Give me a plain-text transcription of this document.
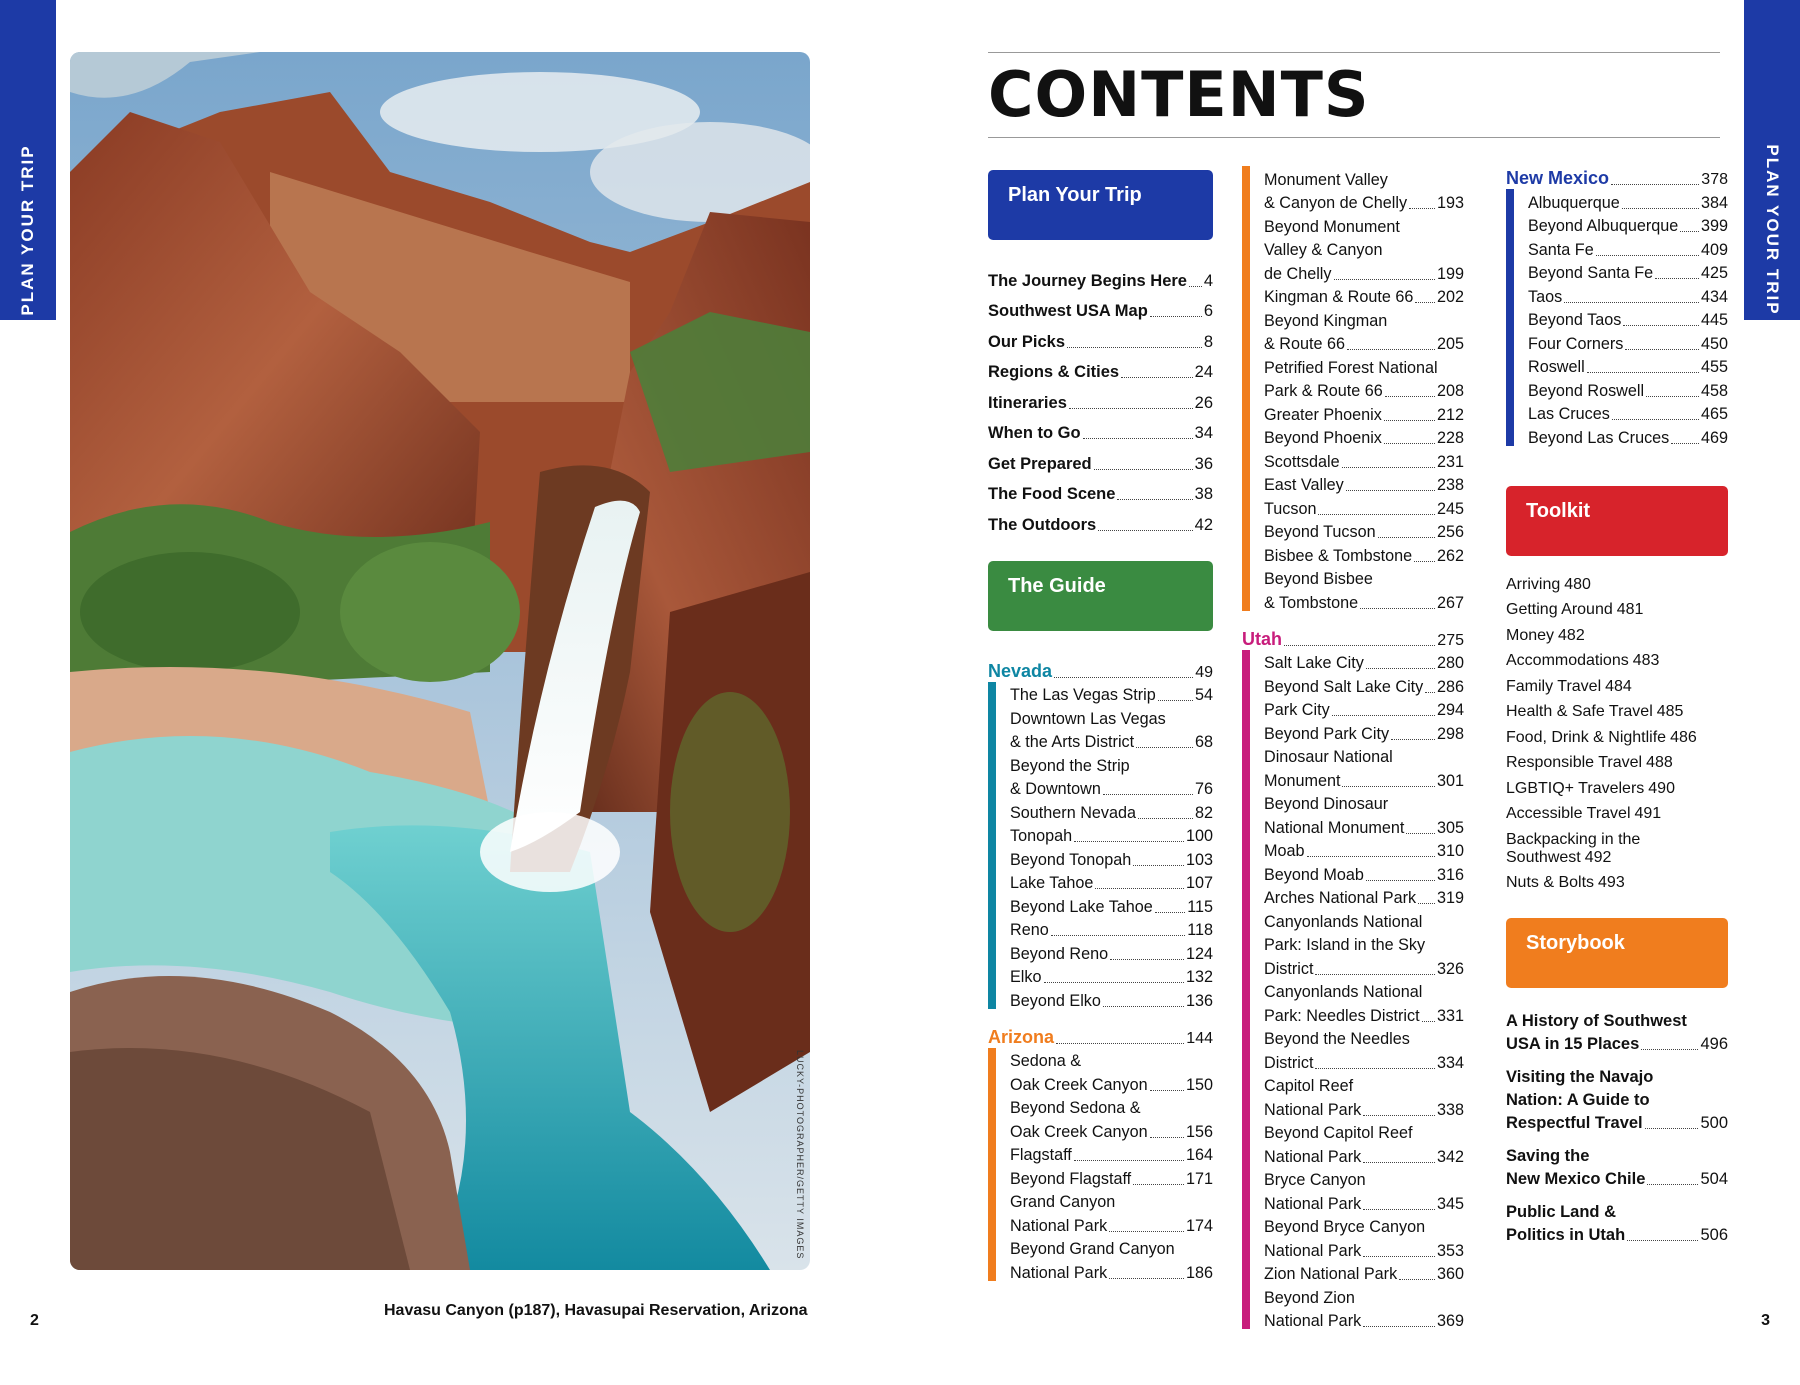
PLAN YOUR TRIP	PLAN YOUR TRIP
LUCKY-PHOTOGRAPHER/GETTY IMAGES
Havasu Canyon (p187), Havasupai Reservation, Arizona
2	3
CONTENTS
Plan Your Trip
The Journey Begins Here 4
Southwest USA Map	6
Our Picks	8
Regions & Cities	24
Itineraries	26
When to Go	34
Get Prepared	36
The Food Scene	38
The Outdoors	42
The Guide
Nevada	49
The Las Vegas Strip 54
Downtown Las Vegas
& the Arts District	68
Beyond the Strip
& Downtown	76
Southern Nevada	82
Tonopah	100
Beyond Tonopah	103
Lake Tahoe	107
Beyond Lake Tahoe 115
Reno	118
Beyond Reno	124
Elko	132
Beyond Elko	136
Arizona	144
Sedona &
Oak Creek Canyon 150
Beyond Sedona &
Oak Creek Canyon 156
Flagstaff	164
Beyond Flagstaff	171
Grand Canyon
National Park	174
Beyond Grand Canyon
National Park	186
Monument Valley
& Canyon de Chelly 193
Beyond Monument
Valley & Canyon
de Chelly	199
Kingman & Route 66 202
Beyond Kingman
& Route 66	205
Petrified Forest National
Park & Route 66	208
Greater Phoenix	212
Beyond Phoenix	228
Scottsdale	231
East Valley	238
Tucson	245
Beyond Tucson	256
Bisbee & Tombstone 262
Beyond Bisbee
& Tombstone	267
Utah	275
Salt Lake City	280
Beyond Salt Lake City 286
Park City	294
Beyond Park City	298
Dinosaur National
Monument	301
Beyond Dinosaur
National Monument 305
Moab	310
Beyond Moab	316
Arches National Park 319
Canyonlands National
Park: Island in the Sky
District	326
Canyonlands National
Park: Needles District 331
Beyond the Needles
District	334
Capitol Reef
National Park	338
Beyond Capitol Reef
National Park	342
Bryce Canyon
National Park	345
Beyond Bryce Canyon
National Park	353
Zion National Park 360
Beyond Zion
National Park	369
New Mexico	378
Albuquerque	384
Beyond Albuquerque 399
Santa Fe	409
Beyond Santa Fe	425
Taos	434
Beyond Taos	445
Four Corners	450
Roswell	455
Beyond Roswell	458
Las Cruces	465
Beyond Las Cruces 469
Toolkit
Arriving 480
Getting Around 481
Money 482
Accommodations 483
Family Travel 484
Health & Safe Travel 485
Food, Drink & Nightlife 486
Responsible Travel 488
LGBTIQ+ Travelers 490
Accessible Travel 491
Backpacking in the
Southwest 492
Nuts & Bolts 493
Storybook
A History of Southwest
USA in 15 Places	496
Visiting the Navajo
Nation: A Guide to
Respectful Travel	500
Saving the
New Mexico Chile	504
Public Land &
Politics in Utah	506
